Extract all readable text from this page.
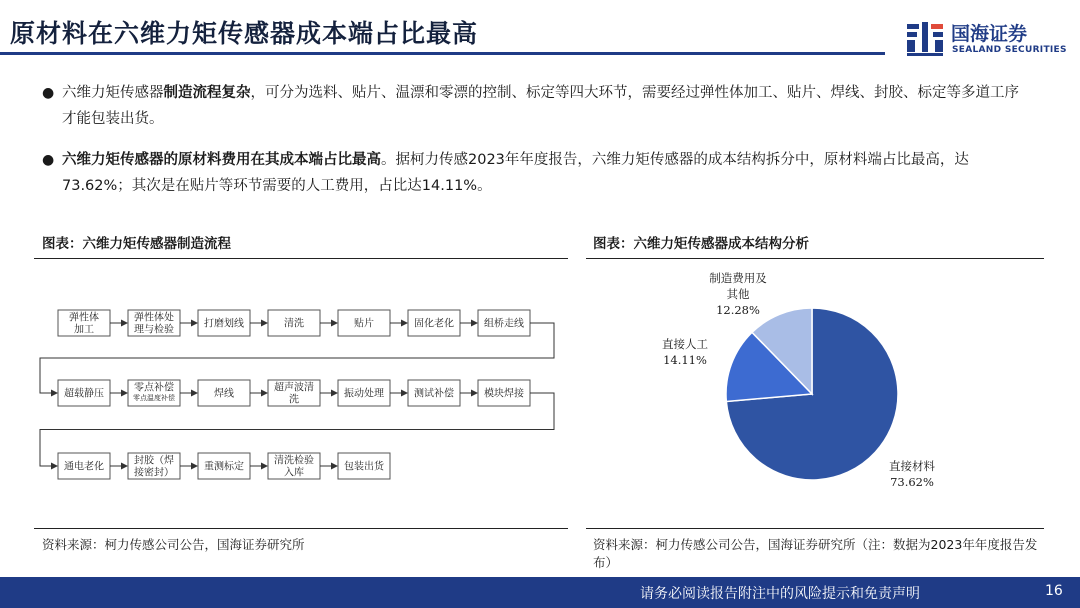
原材料在六维力矩传感器成本端占比最高	国海证券
SEALAND SECURITIES
● 六维力矩传感器制造流程复杂，可分为选料、贴片、温漂和零漂的控制、标定等四大环节，需要经过弹性体加工、贴片、焊线、封胶、标定等多道工序才能包装出货。
● 六维力矩传感器的原材料费用在其成本端占比最高。据柯力传感2023年年度报告，六维力矩传感器的成本结构拆分中，原材料端占比最高，达73.62%；其次是在贴片等环节需要的人工费用，占比达14.11%。
图表：六维力矩传感器制造流程
弹性体
加工
弹性体处
理与检验
打磨划线	清洗	贴片	固化老化	组桥走线
超载静压
零点补偿
零点温度补偿	焊线
超声波清
洗
振动处理	测试补偿	模块焊接
通电老化
封胶（焊
接密封）
重测标定
清洗检验
入库
包装出货
资料来源：柯力传感公司公告，国海证券研究所
图表：六维力矩传感器成本结构分析
直接材料
73.62%
直接人工
14.11%
制造费用及
其他
12.28%
资料来源：柯力传感公司公告，国海证券研究所（注：数据为2023年年度报告发布）
请务必阅读报告附注中的风险提示和免责声明	16
